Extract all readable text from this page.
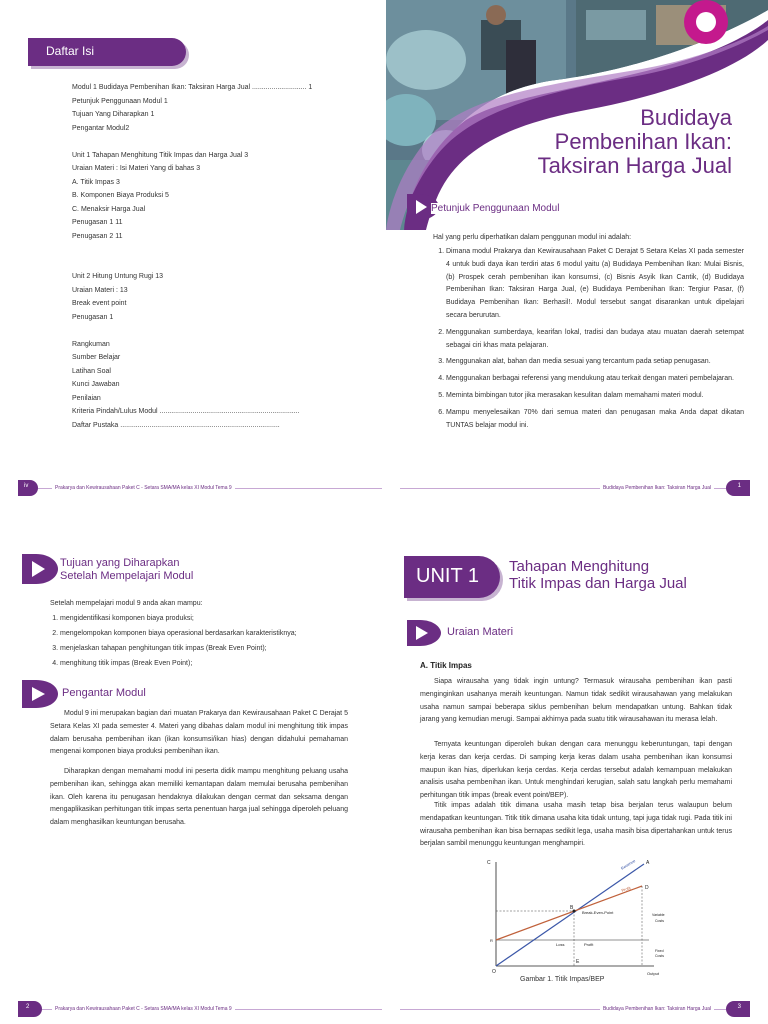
Daftar Isi
Modul 1 Budidaya Pembenihan Ikan: Taksiran Harga Jual ............................ 1
Petunjuk Penggunaan Modul 1
Tujuan Yang Diharapkan 1
Pengantar Modul2
Unit 1 Tahapan Menghitung Titik Impas dan Harga Jual 3
Uraian Materi : Isi Materi Yang di bahas 3
A. Titik Impas 3
B. Komponen Biaya Produksi 5
C. Menaksir Harga Jual
Penugasan 1 11
Penugasan 2 11
Unit 2 Hitung Untung Rugi 13
Uraian Materi : 13
Break event point
Penugasan 1
Rangkuman
Sumber Belajar
Latihan Soal
Kunci Jawaban
Penilaian
Kriteria Pindah/Lulus Modul ........................................................................
Daftar Pustaka ..................................................................................
iv	Prakarya dan Kewirausahaan Paket C - Setara SMA/MA kelas XI Modul Tema 9
Budidaya
Pembenihan Ikan:
Taksiran Harga Jual
Petunjuk Penggunaan Modul
Hal yang perlu diperhatikan dalam penggunan modul ini adalah:
1. Dimana modul Prakarya dan Kewirausahaan Paket C Derajat 5 Setara Kelas XI pada semester 4 untuk budi daya ikan terdiri atas 6 modul yaitu (a) Budidaya Pembenihan Ikan: Mulai Bisnis, (b) Prospek cerah pembenihan ikan konsumsi, (c) Bisnis Asyik Ikan Cantik, (d) Budidaya Pembenihan Ikan: Taksiran Harga Jual, (e) Budidaya Pembenihan Ikan: Tergiur Pasar, (f) Budidaya Pembenihan Ikan: Berhasil!. Modul tersebut sangat disarankan untuk dipelajari secara berurutan.
2. Menggunakan sumberdaya, kearifan lokal, tradisi dan budaya atau muatan daerah setempat sebagai ciri khas mata pelajaran.
3. Menggunakan alat, bahan dan media sesuai yang tercantum pada setiap penugasan.
4. Menggunakan berbagai referensi yang mendukung atau terkait dengan materi pembelajaran.
5. Meminta bimbingan tutor jika merasakan kesulitan dalam memahami materi modul.
6. Mampu menyelesaikan 70% dari semua materi dan penugasan maka Anda dapat dikatan TUNTAS belajar modul ini.
Budidaya Pembenihan Ikan: Taksiran Harga Jual	1
Tujuan yang Diharapkan
Setelah Mempelajari Modul
Setelah mempelajari modul 9 anda akan mampu:
1. mengidentifikasi komponen biaya produksi;
2. mengelompokan komponen biaya operasional berdasarkan karakteristiknya;
3. menjelaskan tahapan penghitungan titik impas (Break Even Point);
4. menghitung titik impas (Break Even Point);
Pengantar Modul

Modul 9 ini merupakan bagian dari muatan Prakarya dan Kewirausahaan Paket C Derajat 5 Setara Kelas XI pada semester 4. Materi yang dibahas dalam modul ini menghitung titik impas dalam berusaha pembenihan ikan (ikan konsumsi/ikan hias) dengan didahului pemahaman mengenai komponen biaya produksi pembenihan ikan.

Diharapkan dengan memahami modul ini peserta didik mampu menghitung peluang usaha pembenihan ikan, sehingga akan memiliki kemantapan dalam memulai berusaha pembenihan ikan. Oleh karena itu penugasan hendaknya dilakukan dengan cermat dan seksama dengan mengaplikasikan perhitungan titik impas serta penentuan harga jual sehingga diperoleh peluang dalam menghasilkan keuntungan berusaha.

2	Prakarya dan Kewirausahaan Paket C - Setara SMA/MA kelas XI Modul Tema 9
UNIT 1 Tahapan Menghitung
Titik Impas dan Harga Jual
Uraian Materi
A. Titik Impas

Siapa wirausaha yang tidak ingin untung? Termasuk wirausaha pembenihan ikan pasti menginginkan usahanya meraih keuntungan. Namun tidak sedikit wirausahawan yang melakukan usaha namun sampai beberapa siklus pembenihan belum mendapatkan untung. Bahkan tidak jarang yang kemudian merugi. Sampai akhirnya pada suatu titik wirausahawan itu merasa lelah.

Ternyata keuntungan diperoleh bukan dengan cara menunggu keberuntungan, tapi dengan kerja keras dan kerja cerdas. Di samping kerja keras dalam usaha pembenihan ikan konsumsi maupun ikan hias, diperlukan kerja cerdas. Kerja cerdas tersebut adalah kemampuan melakukan analisis usaha pembenihan ikan. Untuk menghindari kerugian, salah satu langkah perlu memahami perhitungan titik impas (break event point/BEP).

Titik impas adalah titik dimana usaha masih tetap bisa berjalan terus walaupun belum mendapatkan keuntungan. Titik titik dimana usaha kita tidak untung, tapi juga tidak rugi. Pada titik ini wirausaha pembenihan ikan bisa bernapas sedikit lega, usaha masih bisa dipertahankan untuk terus berjalan sambil menunggu keuntungan menghampiri.

C
O	Output
R
Revenue A
Profit	D
B
Break-Even-Point	Variable
Costs
Loss	Profit
Fixed
Costs
E
Gambar 1. Titik Impas/BEP
Budidaya Pembenihan Ikan: Taksiran Harga Jual	3
